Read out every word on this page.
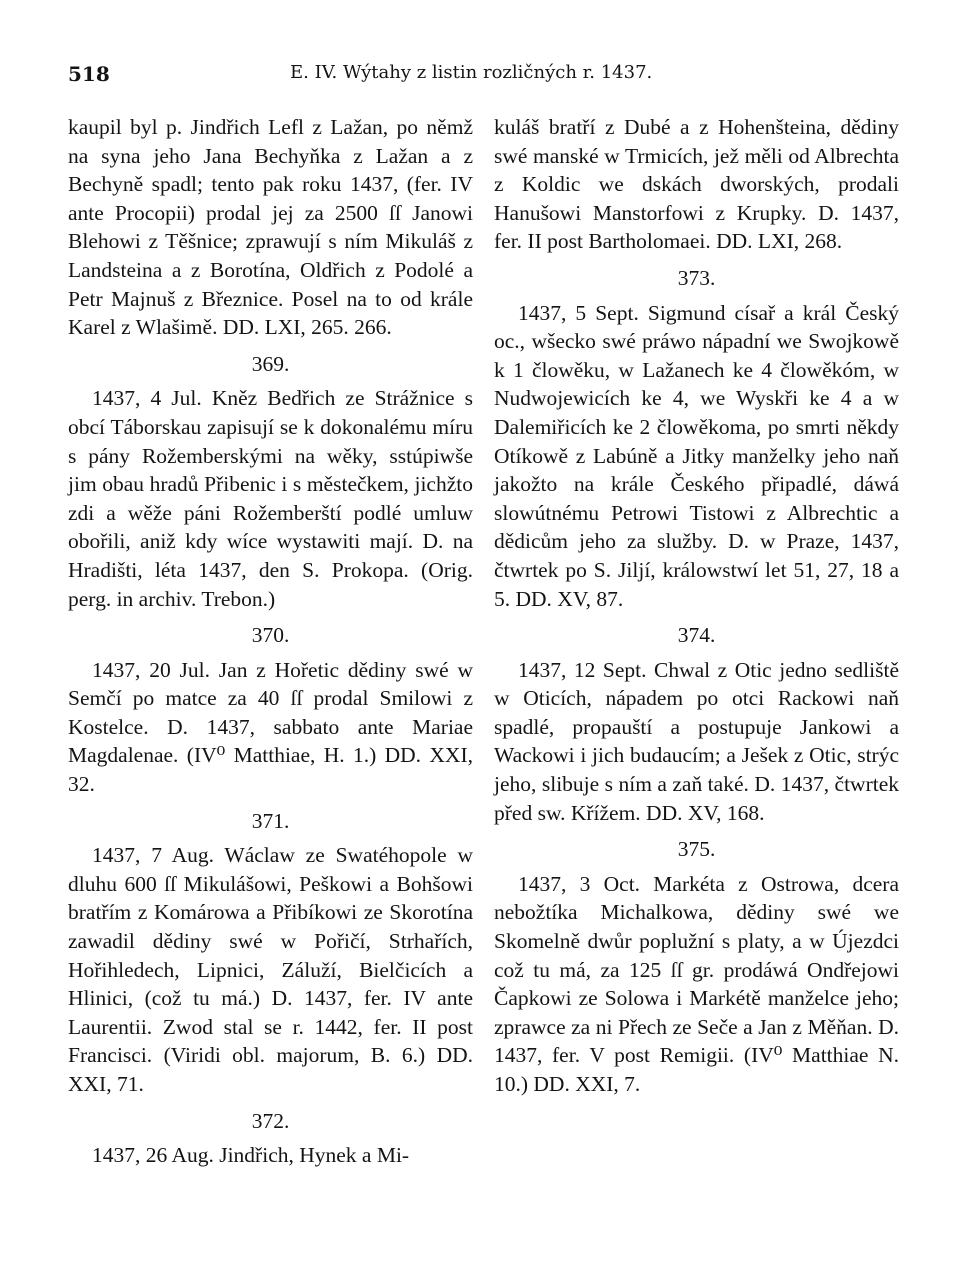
518	E. IV. Wýtahy z listin rozličných r. 1437.

kaupil byl p. Jindřich Lefl z Lažan, po němž na syna jeho Jana Bechyňka z Lažan a z Bechyně spadl; tento pak roku 1437, (fer. IV ante Procopii) prodal jej za 2500 ſſ Janowi Blehowi z Těšnice; zprawují s ním Mikuláš z Landsteina a z Borotína, Oldřich z Podolé a Petr Majnuš z Březnice. Posel na to od krále Karel z Wlašimě. DD. LXI, 265. 266.

369.

1437, 4 Jul. Kněz Bedřich ze Strážnice s obcí Táborskau zapisují se k dokonalému míru s pány Rožemberskými na wěky, sstúpiwše jim obau hradů Přibenic i s městečkem, jichžto zdi a wěže páni Rožemberští podlé umluw obořili, aniž kdy wíce wystawiti mají. D. na Hradišti, léta 1437, den S. Prokopa. (Orig. perg. in archiv. Trebon.)

370.

1437, 20 Jul. Jan z Hořetic dědiny swé w Semčí po matce za 40 ſſ prodal Smilowi z Kostelce. D. 1437, sabbato ante Mariae Magdalenae. (IV⁰ Matthiae, H. 1.) DD. XXI, 32.

371.

1437, 7 Aug. Wáclaw ze Swatéhopole w dluhu 600 ſſ Mikulášowi, Peškowi a Bohšowi bratřím z Komárowa a Přibíkowi ze Skorotína zawadil dědiny swé w Pořičí, Strhařích, Hořihledech, Lipnici, Záluží, Bielčicích a Hlinici, (což tu má.) D. 1437, fer. IV ante Laurentii. Zwod stal se r. 1442, fer. II post Francisci. (Viridi obl. majorum, B. 6.) DD. XXI, 71.

372.

1437, 26 Aug. Jindřich, Hynek a Mi-

kuláš bratří z Dubé a z Hohenšteina, dědiny swé manské w Trmicích, jež měli od Albrechta z Koldic we dskách dworských, prodali Hanušowi Manstorfowi z Krupky. D. 1437, fer. II post Bartholomaei. DD. LXI, 268.

373.

1437, 5 Sept. Sigmund císař a král Český oc., wšecko swé práwo nápadní we Swojkowě k 1 člowěku, w Lažanech ke 4 člowěkóm, w Nudwojewicích ke 4, we Wyskři ke 4 a w Dalemiřicích ke 2 člowěkoma, po smrti někdy Otíkowě z Labúně a Jitky manželky jeho naň jakožto na krále Českého připadlé, dáwá slowútnému Petrowi Tistowi z Albrechtic a dědicům jeho za služby. D. w Praze, 1437, čtwrtek po S. Jiljí, králowstwí let 51, 27, 18 a 5. DD. XV, 87.

374.

1437, 12 Sept. Chwal z Otic jedno sedliště w Oticích, nápadem po otci Rackowi naň spadlé, propauští a postupuje Jankowi a Wackowi i jich budaucím; a Ješek z Otic, strýc jeho, slibuje s ním a zaň také. D. 1437, čtwrtek před sw. Křížem. DD. XV, 168.

375.

1437, 3 Oct. Markéta z Ostrowa, dcera nebožtíka Michalkowa, dědiny swé we Skomelně dwůr poplužní s platy, a w Újezdci což tu má, za 125 ſſ gr. prodáwá Ondřejowi Čapkowi ze Solowa i Markétě manželce jeho; zprawce za ni Přech ze Seče a Jan z Měňan. D. 1437, fer. V post Remigii. (IV⁰ Matthiae N. 10.) DD. XXI, 7.
